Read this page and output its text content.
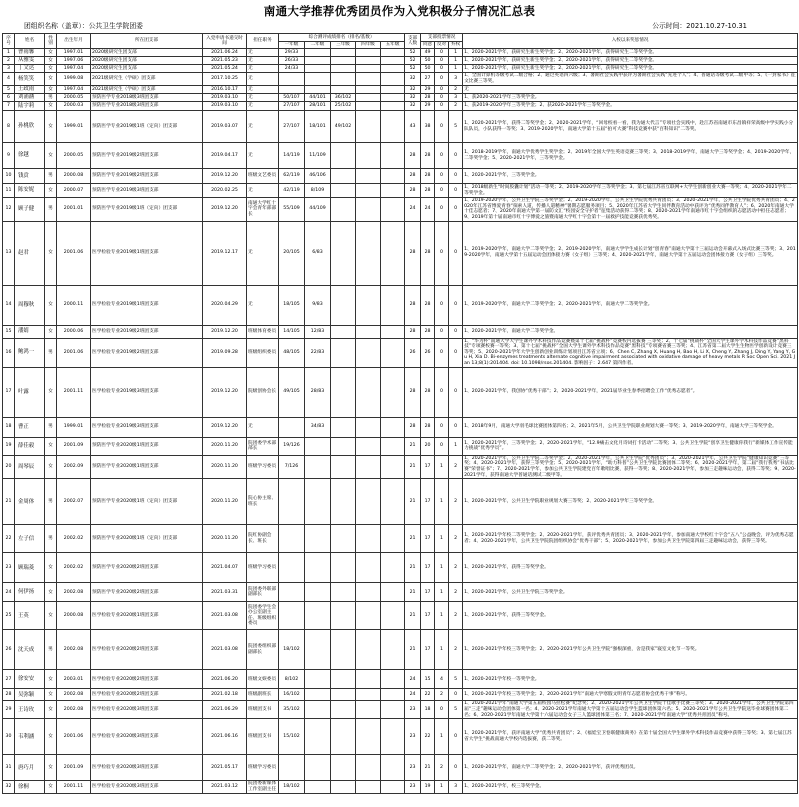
南通大学推荐优秀团员作为入党积极分子情况汇总表
团组织名称（盖章）：公共卫生学院团委	公示时间：2021.10.27-10.31
序号	姓名	性别	出生年月	所在团支部	入党申请书递交时间	担任职务	综合测评成绩排名（排名/基数）					支部人数	支部投票情况			入校以来奖惩情况
							一年级	二年级	三年级	四年级	五年级		同意	反对	弃权	
1	曹雨馨	女	1997.01	2020级研究生团支部	2021.06.24	无	29/33					52	49	0	1	1、2020-2021学年，获研究生新生奖学金；2、2020-2021学年，获得研究生二等奖学金。
2	从雅雯	女	1997.06	2020级研究生团支部	2021.05.23	无	26/33					52	50	0	1	1、2020-2021学年，获研究生新生奖学金；2、2020-2021学年，获得研究生二等奖学金。
3	丁文达	女	1997.04	2020级研究生团支部	2021.05.24	无	24/33					52	50	0	1	1、2020-2021学年，获研究生新生奖学金；2、2020-2021学年，获得研究生二等奖学金。
4	杨笑笑	女	1999.08	2021级研究生（学硕）团支部	2017.10.25	无						32	27	0	3	1、全国计算机等级考试二级合格；2、通过英语四六级；3、暑期社会实践中获评为暑期社会实践“先进个人”；4、普通话等级考试二级甲等；5、《一封家书》征文比赛三等奖。
5	王政雨	女	1997.04	2021级研究生（学硕）团支部	2016.10.17	无						32	29	0	2	无
6	刘涌涵	男	2000.05	预防医学专业2018级3班团支部	2019.03.10	无	50/107	44/101	36/102			32	28	0	3	1、获2020-2021学年三等奖学金。
7	陆宇莉	女	2000.03	预防医学专业2018级3班团支部	2019.03.10	无	27/107	28/101	25/102			32	29	0	2	1、获2019-2020学年三等奖学金；2、获2020-2021学年三等奖学金。
8	孙桃欣	女	1999.01	预防医学专业2019级1班（定向）团支部	2019.03.07	无	27/107	18/101	49/102			43	38	0	5	1、2020-2021学年，获得二等奖学金；2、2020-2021学年，“回母校看一看，我为通大代言”专项社会实践中，赴江苏省南通市东昌镇祥荣高级中学实践小分队队员，小队获得一等奖；3、2019-2020学年，南通大学第十五届“拍可大赛”科技竞赛中获“百科知识”二等奖。
9	徐越	女	2000.05	预防医学专业2019级2班团支部	2019.04.17	无	14/119	11/109				28	28	0	0	1、2018-2019学年，南通大学优秀学生奖学金；2、2019年全国大学生英语竞赛三等奖；3、2018-2019学年，南通大学三等奖学金；4、2019-2020学年，二等奖学金；5、2020-2021学年，三等奖学金。
10	钱贲	男	2000.08	预防医学专业2019级2班团支部	2019.12.20	班级文艺委员	62/119	46/106				28	28	0	0	1、2020-2021学年，三等奖学金。
11	陈安妮	女	2000.07	预防医学专业2019级3班团支部	2020.02.25	无	42/119	8/109				28	28	0	0	1、2018级新生“时间胶囊计划”活动一等奖；2、2019-2020学年三等奖学金；3、第七届江苏省互联网+大学生创新创业大赛一等奖；4、2020-2021学年二等奖学金。
12	顾子健	男	2001.01	预防医学专业2019级1班（定向）团支部	2019.12.20	南通大学红十字会青年部部长	55/109	44/109				24	24	0	0	1、2019-2020学年，公共卫生学院三等奖学金；2、2019-2020学年，公共卫生学院优秀共青团员；3、2020-2021学年，公共卫生学院优秀共青团员；4、2020年江苏省博爱青春“探索人道，传播人道精神”暑期志愿服务项目；5、2020年江苏省大学生同伴教育活动中获评为“优秀同伴教育人”；6、2020年南通大学十佳志愿者；7、2020年南通大学第一届防文汇“校园安全守护者”征集活动获得二等奖；8、2020-2021学年南通市红十字会组织的志愿活动中担任志愿者；9、2019年第十届南通市红十字博爱之旅暨南通大学红十字会第十一届救护技能竞赛获优秀奖。
13	赵君	女	2001.06	医学检验专业2019级1班团支部	2019.12.17	无	20/105	6/83				28	28	0	0	1、2019-2020学年，南通大学二等奖学金；2、2019-2020学年，南通大学学生成长计划“创青春”南通大学第十三届运动会开幕式入场式比赛三等奖；3、2019-2020学年，南通大学第十五届运动会团体接力赛（女子组）三等奖；4、2020-2021学年，南通大学第十五届运动会团体接力赛（女子组）三等奖。
14	周穆秋	女	2000.11	医学检验专业2019级1班团支部	2020.04.29	无	18/105	9/83				28	28	0	0	1、2019-2020学年，南通大学二等奖学金；2、2020-2021学年，南通大学二等奖学金。
15	潘婧	女	2000.06	医学检验专业2019级2班团支部	2019.12.20	班级体育委员	14/105	12/83				28	28	0	0	1、2020-2021学年，南通大学二等奖学金。
16	鲍鸿一	男	2001.06	医学检验专业2019级2班团支部	2019.09.28	班级组织委员	48/105	22/83				26	26	0	0	1、“华为杯”南通大学大学生课外学术科技作品竞赛暨第十七届“挑战杯”竞赛校内选拔赛 三等奖；2、十七届“挑战杯”全国大学生课外学术科技作品竞赛“黑科技”专项赛校赛一等奖；3、第十七届“挑战杯”全国大学生课外学术科技作品竞赛“黑科技”专项赛省赛三等奖；4、江苏省第二届大学生生物医学创新设计竞赛三等奖；5、2020-2021学年大学生创新创业训练计划项目江苏省立项；6、Chen C, Zhang X, Huang H, Bao H, Li X, Cheng Y, Zhang J, Ding Y, Yang Y, Gu H, Xia D. Bi-enzymes treatments alternate cognitive impairment associated with oxidative damage of heavy metals R Soc Open Sci. 2021 Jan 13;8(1):201404. doi: 10.1098/rsos.201404. 影响因子：2.647 第四作者。
17	叶露	女	2001.11	医学检验专业2019级3班团支部	2019.12.20	院级创协会长	49/105	28/83				28	28	0	0	1、2020-2021学年，我创协“优秀干部”；2、2020-2021学年，2021届毕业生春季招聘会工作“优秀志愿者”。
18	曹正	男	1999.01	医学检验专业2019级3班团支部	2019.12.20	无		34/83				28	28	0	0	1、2018年9月，南通大学羽毛球比赛团体第四名；2、2021年5月，公共卫生学院职业规划大赛一等奖；3、2019-2020学年，南通大学三等奖学金。
19	薛佳毅	女	2001.09	预防医学专业2020级1班团支部	2020.11.20	院团委学术部部长	19/126					21	20	0	1	1、2020-2021学年，三等奖学金；2、2020-2021学年，“12.9痛击文化月诗词打卡活动”二等奖；3、公共卫生学院“创享卫生健康你我行”新媒体工作宣传能力挑战“优秀学员”。
20	周琴辰	女	2002.09	预防医学专业2020级1班团支部	2020.11.20	班级学习委员	7/126					21	17	1	2	1、2020-2021学年，公共卫生学院二等奖学金；2、2020-2021学年，公共卫生学院“优秀团员”；3、2020-2021学年，公共卫生学院“健康知识竞赛”三等奖；4、2020-2021学年，获得三等奖学金；5、2020-2021学年，“助力科普”公共卫生学院比赛团体二等奖；6、2020-2021学年，第二届“我行我秀”书法比赛“荣誉证书”；7、2020-2021学年，参加公共卫生学院建党百年歌唱比赛，获得一等奖；8、2020-2021学年，参加三走趣味运动会，获得二等奖；9、2020-2021学年，获得南通大学普通话测试二级甲等。
21	金周体	男	2002.07	预防医学专业2020级1班（定向）团支部	2020.11.20	院心协主席、班长						21	17	1	2	1、2020-2021学年，公共卫生学院职业规划大赛三等奖；2、2020-2021学年三等奖学金。
22	左子信	男	2002.02	预防医学专业2020级1班（定向）团支部	2020.11.20	院红协副会长、班长						21	17	1	2	1、2020-2021学年校二等奖学金；2、2020-2021学年，获评优秀共青团员；3、2020-2021学年，参加南通大学校红十字会“五八”公益晚会，评为优秀志愿者；4、2020-2021学年，公共卫生学院院团组织协会“优秀干部”；5、2020-2021学年，参加公共卫生学院第四届三走趣味运动会，获得三等奖。
23	顾瑞菱	女	2002.02	预防医学专业2020级2班团支部	2021.04.07	班级学习委员						21	17	1	2	1、2020-2021学年，获得三等奖学金。
24	何伊扬	女	2002.08	预防医学专业2020级2班团支部	2021.03.31	院团委外联部副部长						21	17	1	2	1、2020-2021学年，公共卫生学院三等奖学金。
25	王英	女	2000.08	医学检验专业2020级1班团支部	2021.03.08	院团委学生会办公室副主任、班级组织委员						21	17	1	2	1、2020-2021学年，获得三等奖学金。
26	沈天成	男	2002.08	医学检验专业2020级2班团支部	2021.03.08	院团委组织部副部长	18/102					21	17	1	2	1、2020-2021学年校三等奖学金；2、2020-2021学年公共卫生学院“强根深重，舍是我家”寝室文化节一等奖。
27	徐安安	女	2003.01	医学检验专业2020级2班团支部	2021.06.20	班级文娱委员	8/102					24	15	4	5	1、2020-2021学年校一等奖学金。
28	吴弥颖	女	2002.08	医学检验专业2020级2班团支部	2021.02.18	班级副班长	16/102					24	22	2	0	1、2020-2021学年校三等奖学金；2、2020-2021学年“南通大学寒假文明青年志愿者协会优秀干事”称号。
29	王诗玫	女	2002.08	医学检验专业2020级3班团支部	2021.06.29	班级团支书	35/102					23	18	0	5	1、2020-2021学年“南通大学第五届校园马拉松赛”纪念奖；2、2020-2021学年公共卫生学院十佳歌手比赛三等奖；3、2020-2021学年，公共卫生学院第四届“三走”趣味运动会团体第一名；4、2020-2021学年南通大学第十五届运动会学生篮球团体第六名；5、2020-2021学年公共卫生学院送毕业球赛团体第二名；6、2020-2021学年南通大学第十六届运动会女子三人篮球团体第三名；7、2020-2021学年南通大学“优秀共青团员”称号。
30	韦利涵	女	2001.06	医学检验专业2020级3班团支部	2021.06.16	班级团支书	15/102					23	22	1	0	1、2020-2021学年，获评南通大学“优秀共青团员”；2、《福娃宝卫卷联健康商务》在第十届全国大学生课外学术科技作品竞赛中获得三等奖；3、第七届江苏省大学生“挑战南通大学校内选拔赛，获二等奖。
31	唐巧月	女	2001.09	医学检验专业2020级3班团支部	2021.05.17	班级学习委员						23	21	2	0	1、2020-2021学年，南通大学二等奖学金；2、2020-2021学年，获评优秀团员。
32	徐桐	女	2001.11	医学检验专业2020级3班团支部	2021.03.12	院团委新媒体工作室副主任	18/102					23	19	1	3	1、2020-2021学年，校三等奖学金。
